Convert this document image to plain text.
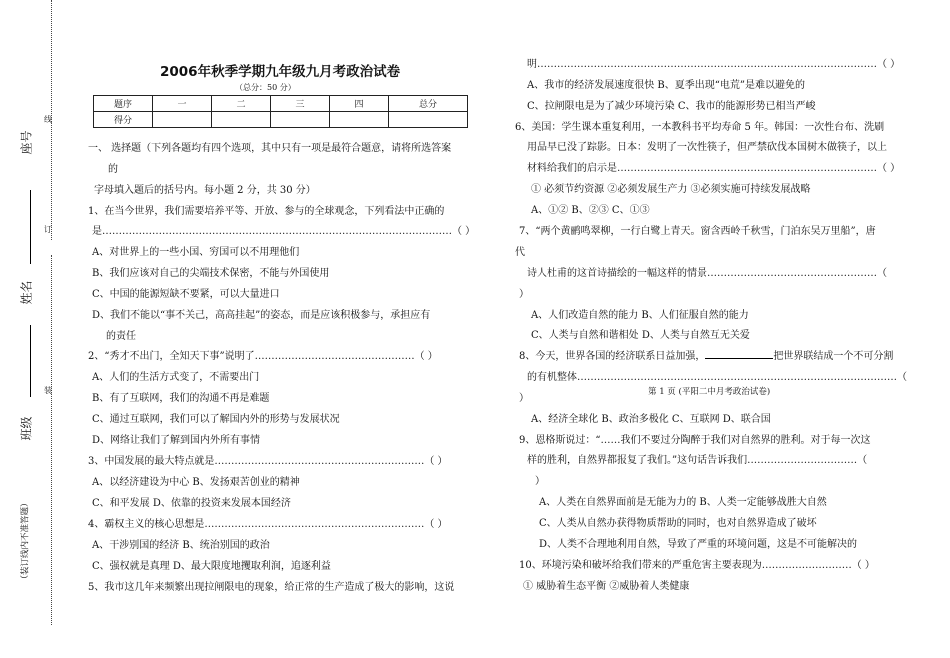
线
订
装
座号
姓名
班级
（装订线内不准答题）
2006年秋季学期九年级九月考政治试卷
（总分：50 分）
题序	一	二	三	四	总分
得分					
一、 选择题（下列各题均有四个选项，其中只有一项是最符合题意，请将所选答案
的
字母填入题后的括号内。每小题 2 分，共 30 分）
1、在当今世界，我们需要培养平等、开放、参与的全球观念，下列看法中正确的
是……………………………………………………………………………………………（ ）
A、对世界上的一些小国、穷国可以不用理他们
B、我们应该对自己的尖端技术保密，不能与外国使用
C、中国的能源短缺不要紧，可以大量进口
D、我们不能以“事不关己，高高挂起”的姿态，而是应该积极参与，承担应有
的责任
2、“秀才不出门，全知天下事”说明了…………………………………………（ ）
A、人们的生活方式变了，不需要出门
B、有了互联网，我们的沟通不再是难题
C、通过互联网，我们可以了解国内外的形势与发展状况
D、网络让我们了解到国内外所有事情
3、中国发展的最大特点就是………………………………………………………（ ）
A、以经济建设为中心 B、发扬艰苦创业的精神
C、和平发展 D、依靠的投资来发展本国经济
4、霸权主义的核心思想是…………………………………………………………（ ）
A、干涉别国的经济 B、统治别国的政治
C、强权就是真理 D、最大限度地攫取利润，追逐利益
5、我市这几年来频繁出现拉闸限电的现象，给正常的生产造成了极大的影响，这说
明…………………………………………………………………………………………（ ）
A、我市的经济发展速度很快 B、夏季出现“电荒”是难以避免的
C、拉闸限电是为了减少环境污染 C、我市的能源形势已相当严峻
6、美国：学生课本重复利用，一本教科书平均寿命 5 年。韩国：一次性台布、洗刷
用品早已没了踪影。日本：发明了一次性筷子，但严禁砍伐本国树木做筷子，以上
材料给我们的启示是……………………………………………………………………（ ）
① 必须节约资源 ②必须发展生产力 ③必须实施可持续发展战略
A、①② B、②③ C、①③
7、“两个黄鹂鸣翠柳，一行白鹭上青天。窗含西岭千秋雪，门泊东吴万里船”，唐
代
诗人杜甫的这首诗描绘的一幅这样的情景……………………………………………（
）
A、人们改造自然的能力 B、人们征服自然的能力
C、人类与自然和谐相处 D、人类与自然互无关爱
8、今天，世界各国的经济联系日益加强，	把世界联结成一个不可分割
的有机整体……………………………………………………………………………………（
）
A、经济全球化 B、政治多极化 C、互联网 D、联合国
9、恩格斯说过：“……我们不要过分陶醉于我们对自然界的胜利。对于每一次这
样的胜利，自然界都报复了我们。”这句话告诉我们……………………………（
）
A、人类在自然界面前是无能为力的 B、人类一定能够战胜大自然
C、人类从自然办获得物质帮助的同时，也对自然界造成了破坏
D、人类不合理地利用自然，导致了严重的环境问题，这是不可能解决的
10、环境污染和破坏给我们带来的严重危害主要表现为………………………（ ）
① 威胁着生态平衡 ②威胁着人类健康
第 1 页 (平阳二中月考政治试卷)
